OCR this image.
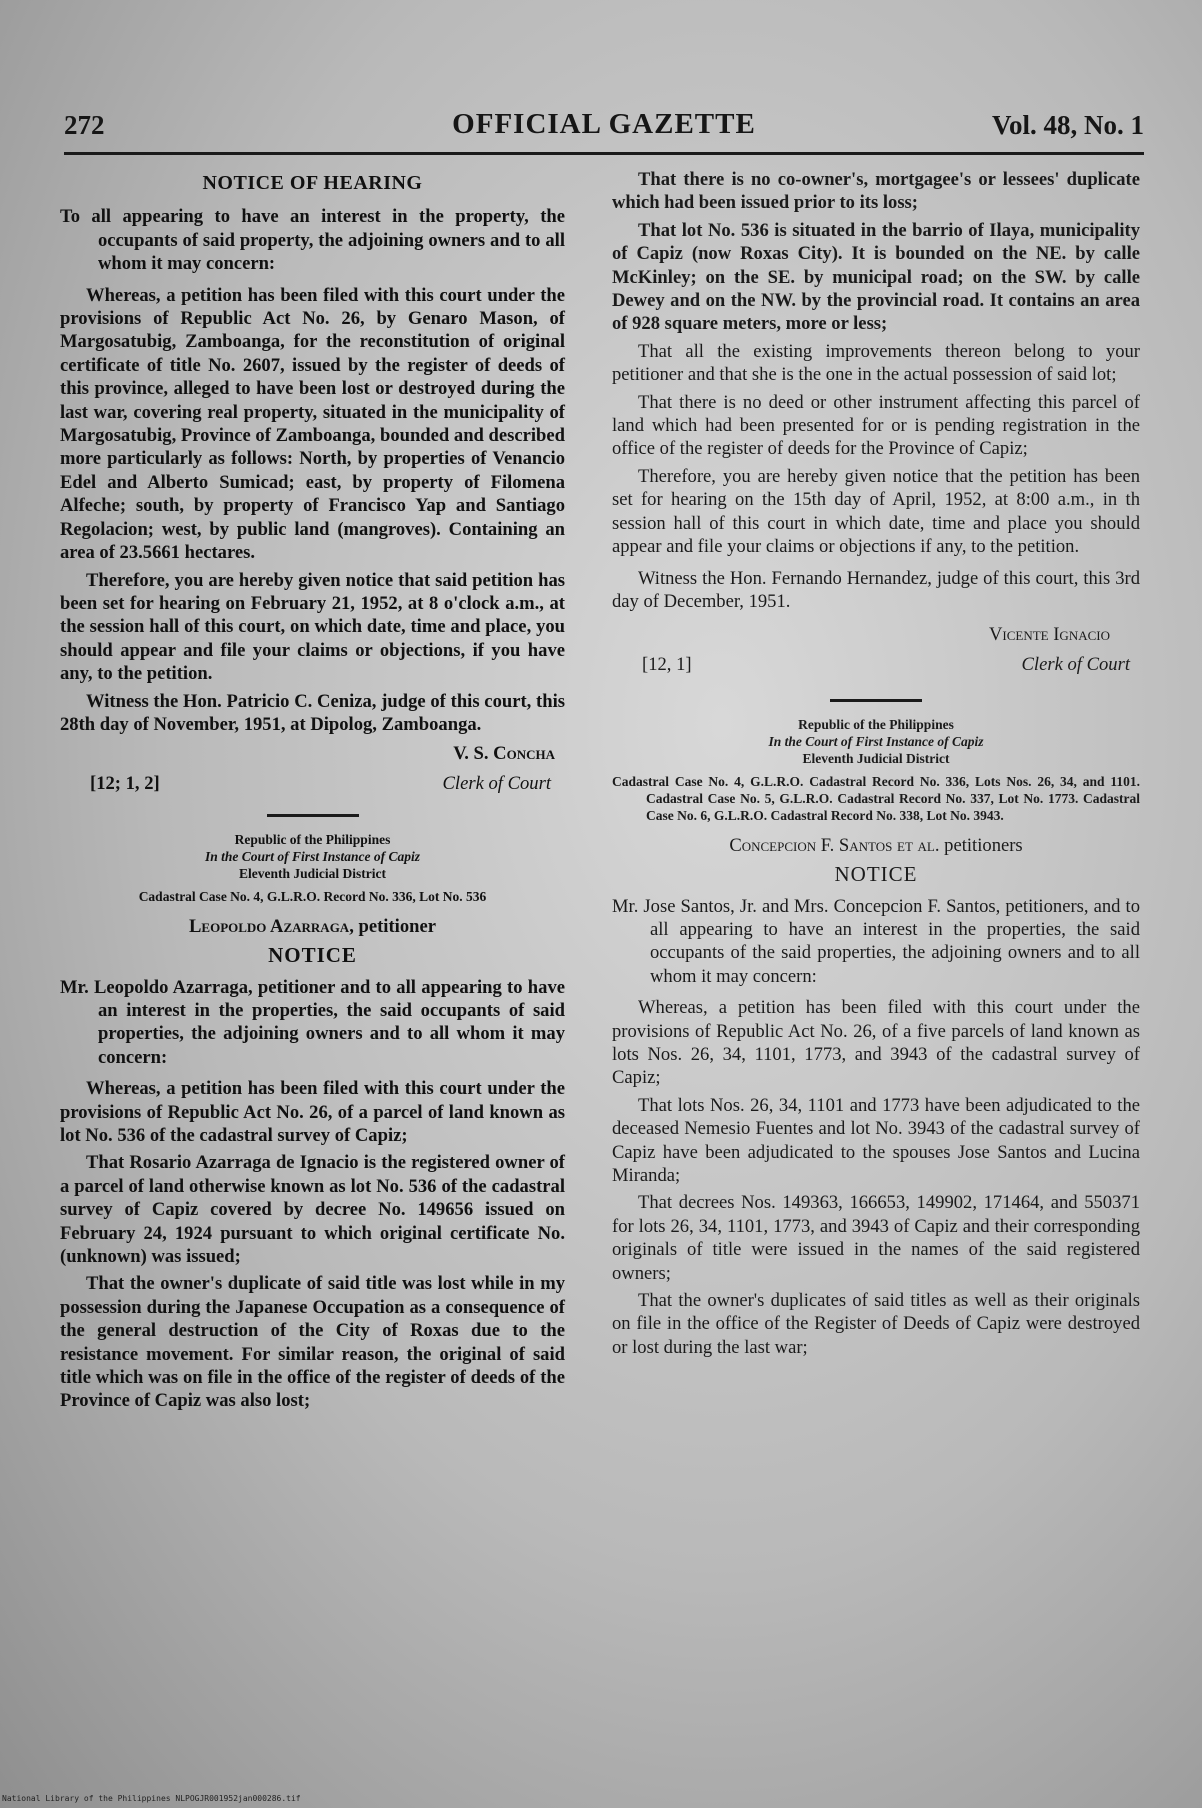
272	OFFICIAL GAZETTE	Vol. 48, No. 1
NOTICE OF HEARING

To all appearing to have an interest in the property, the occupants of said property, the adjoining owners and to all whom it may concern:

Whereas, a petition has been filed with this court under the provisions of Republic Act No. 26, by Genaro Mason, of Margosatubig, Zamboanga, for the reconstitution of original certificate of title No. 2607, issued by the register of deeds of this province, alleged to have been lost or destroyed during the last war, covering real property, situated in the municipality of Margosatubig, Province of Zamboanga, bounded and described more particularly as follows: North, by properties of Venancio Edel and Alberto Sumicad; east, by property of Filomena Alfeche; south, by property of Francisco Yap and Santiago Regolacion; west, by public land (mangroves). Containing an area of 23.5661 hectares.

Therefore, you are hereby given notice that said petition has been set for hearing on February 21, 1952, at 8 o'clock a.m., at the session hall of this court, on which date, time and place, you should appear and file your claims or objections, if you have any, to the petition.

Witness the Hon. Patricio C. Ceniza, judge of this court, this 28th day of November, 1951, at Dipolog, Zamboanga.

V. S. Concha

[12; 1, 2]	Clerk of Court
Republic of the Philippines
In the Court of First Instance of Capiz
Eleventh Judicial District

Cadastral Case No. 4, G.L.R.O. Record No. 336, Lot No. 536

Leopoldo Azarraga, petitioner
NOTICE

Mr. Leopoldo Azarraga, petitioner and to all appearing to have an interest in the properties, the said occupants of said properties, the adjoining owners and to all whom it may concern:

Whereas, a petition has been filed with this court under the provisions of Republic Act No. 26, of a parcel of land known as lot No. 536 of the cadastral survey of Capiz;

That Rosario Azarraga de Ignacio is the registered owner of a parcel of land otherwise known as lot No. 536 of the cadastral survey of Capiz covered by decree No. 149656 issued on February 24, 1924 pursuant to which original certificate No. (unknown) was issued;

That the owner's duplicate of said title was lost while in my possession during the Japanese Occupation as a consequence of the general destruction of the City of Roxas due to the resistance movement. For similar reason, the original of said title which was on file in the office of the register of deeds of the Province of Capiz was also lost;

That there is no co-owner's, mortgagee's or lessees' duplicate which had been issued prior to its loss;

That lot No. 536 is situated in the barrio of Ilaya, municipality of Capiz (now Roxas City). It is bounded on the NE. by calle McKinley; on the SE. by municipal road; on the SW. by calle Dewey and on the NW. by the provincial road. It contains an area of 928 square meters, more or less;

That all the existing improvements thereon belong to your petitioner and that she is the one in the actual possession of said lot;

That there is no deed or other instrument affecting this parcel of land which had been presented for or is pending registration in the office of the register of deeds for the Province of Capiz;

Therefore, you are hereby given notice that the petition has been set for hearing on the 15th day of April, 1952, at 8:00 a.m., in th session hall of this court in which date, time and place you should appear and file your claims or objections if any, to the petition.

Witness the Hon. Fernando Hernandez, judge of this court, this 3rd day of December, 1951.

Vicente Ignacio

[12, 1]	Clerk of Court
Republic of the Philippines
In the Court of First Instance of Capiz
Eleventh Judicial District

Cadastral Case No. 4, G.L.R.O. Cadastral Record No. 336, Lots Nos. 26, 34, and 1101. Cadastral Case No. 5, G.L.R.O. Cadastral Record No. 337, Lot No. 1773. Cadastral Case No. 6, G.L.R.O. Cadastral Record No. 338, Lot No. 3943.

Concepcion F. Santos et al. petitioners
NOTICE

Mr. Jose Santos, Jr. and Mrs. Concepcion F. Santos, petitioners, and to all appearing to have an interest in the properties, the said occupants of the said properties, the adjoining owners and to all whom it may concern:

Whereas, a petition has been filed with this court under the provisions of Republic Act No. 26, of a five parcels of land known as lots Nos. 26, 34, 1101, 1773, and 3943 of the cadastral survey of Capiz;

That lots Nos. 26, 34, 1101 and 1773 have been adjudicated to the deceased Nemesio Fuentes and lot No. 3943 of the cadastral survey of Capiz have been adjudicated to the spouses Jose Santos and Lucina Miranda;

That decrees Nos. 149363, 166653, 149902, 171464, and 550371 for lots 26, 34, 1101, 1773, and 3943 of Capiz and their corresponding originals of title were issued in the names of the said registered owners;

That the owner's duplicates of said titles as well as their originals on file in the office of the Register of Deeds of Capiz were destroyed or lost during the last war;

National Library of the Philippines NLPOGJR001952jan000286.tif
